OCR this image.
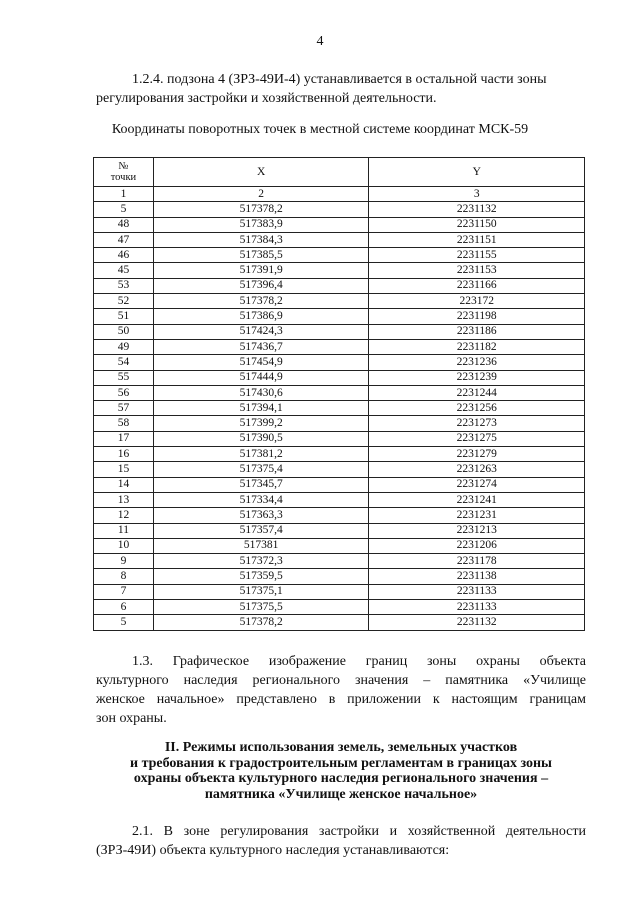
4
1.2.4. подзона 4 (ЗРЗ-49И-4) устанавливается в остальной части зоны
регулирования застройки и хозяйственной деятельности.
Координаты поворотных точек в местной системе координат МСК-59
№
точки	X	Y
1	2	3
5	517378,2	2231132
48	517383,9	2231150
47	517384,3	2231151
46	517385,5	2231155
45	517391,9	2231153
53	517396,4	2231166
52	517378,2	223172
51	517386,9	2231198
50	517424,3	2231186
49	517436,7	2231182
54	517454,9	2231236
55	517444,9	2231239
56	517430,6	2231244
57	517394,1	2231256
58	517399,2	2231273
17	517390,5	2231275
16	517381,2	2231279
15	517375,4	2231263
14	517345,7	2231274
13	517334,4	2231241
12	517363,3	2231231
11	517357,4	2231213
10	517381	2231206
9	517372,3	2231178
8	517359,5	2231138
7	517375,1	2231133
6	517375,5	2231133
5	517378,2	2231132
1.3. Графическое изображение границ зоны охраны объекта
культурного наследия регионального значения – памятника «Училище
женское начальное» представлено в приложении к настоящим границам
зон охраны.
II. Режимы использования земель, земельных участков
и требования к градостроительным регламентам в границах зоны
охраны объекта культурного наследия регионального значения –
памятника «Училище женское начальное»
2.1. В зоне регулирования застройки и хозяйственной деятельности
(ЗРЗ-49И) объекта культурного наследия устанавливаются:
